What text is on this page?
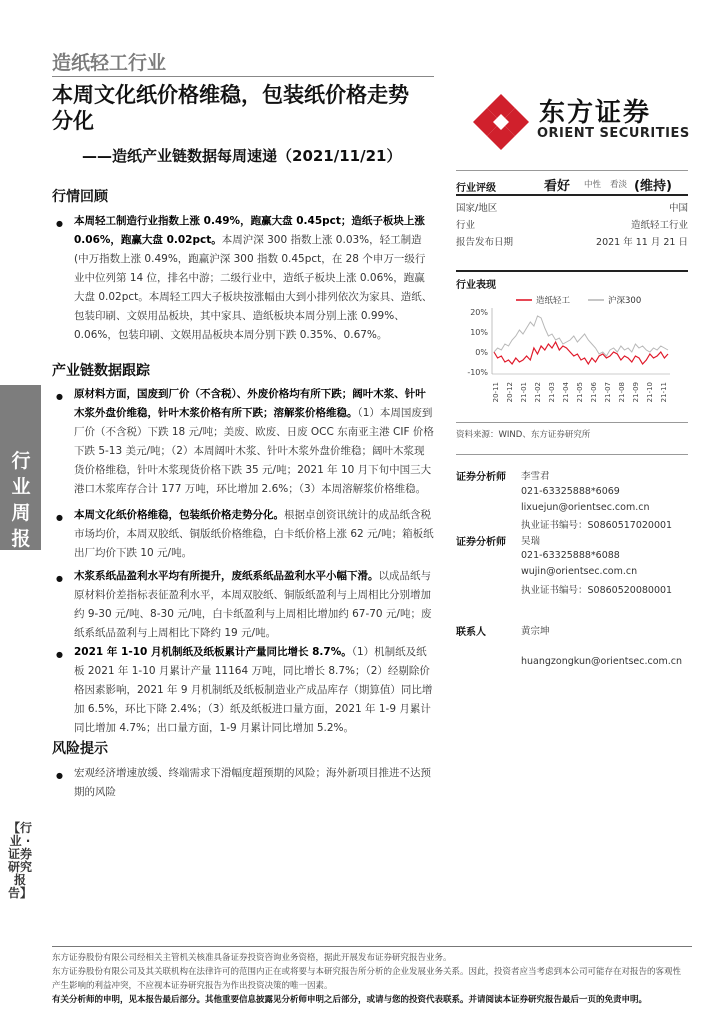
造纸轻工行业
本周文化纸价格维稳，包装纸价格走势
分化
——造纸产业链数据每周速递（2021/11/21）
东方证券
ORIENT SECURITIES
行情回顾
● 本周轻工制造行业指数上涨 0.49%，跑赢大盘 0.45pct；造纸子板块上涨 0.06%，跑赢大盘 0.02pct。本周沪深 300 指数上涨 0.03%，轻工制造(中万指数上涨 0.49%，跑赢沪深 300 指数 0.45pct，在 28 个申万一级行业中位列第 14 位，排名中游；二级行业中，造纸子板块上涨 0.06%，跑赢大盘 0.02pct。本周轻工四大子板块按涨幅由大到小排列依次为家具、造纸、包装印刷、文娱用品板块，其中家具、造纸板块本周分别上涨 0.99%、0.06%，包装印刷、文娱用品板块本周分别下跌 0.35%、0.67%。
产业链数据跟踪
● 原材料方面，国废到厂价（不含税）、外废价格均有所下跌；阔叶木浆、针叶木浆外盘价维稳，针叶木浆价格有所下跌；溶解浆价格维稳。（1）本周国废到厂价（不含税）下跌 18 元/吨；美废、欧废、日废 OCC 东南亚主港 CIF 价格下跌 5-13 美元/吨；（2）本周阔叶木浆、针叶木浆外盘价维稳；阔叶木浆现货价格维稳，针叶木浆现货价格下跌 35 元/吨；2021 年 10 月下旬中国三大港口木浆库存合计 177 万吨，环比增加 2.6%；（3）本周溶解浆价格维稳。
● 本周文化纸价格维稳，包装纸价格走势分化。根据卓创资讯统计的成品纸含税市场均价，本周双胶纸、铜版纸价格维稳，白卡纸价格上涨 62 元/吨；箱板纸出厂均价下跌 10 元/吨。
● 木浆系纸品盈利水平均有所提升，废纸系纸品盈利水平小幅下滑。以成品纸与原材料价差指标表征盈利水平，本周双胶纸、铜版纸盈利与上周相比分别增加约 9-30 元/吨、8-30 元/吨，白卡纸盈利与上周相比增加约 67-70 元/吨；废纸系纸品盈利与上周相比下降约 19 元/吨。
● 2021 年 1-10 月机制纸及纸板累计产量同比增长 8.7%。（1）机制纸及纸板 2021 年 1-10 月累计产量 11164 万吨，同比增长 8.7%；（2）经剔除价格因素影响，2021 年 9 月机制纸及纸板制造业产成品库存（期算值）同比增加 6.5%，环比下降 2.4%；（3）纸及纸板进口量方面，2021 年 1-9 月累计同比增加 4.7%；出口量方面，1-9 月累计同比增加 5.2%。
风险提示
● 宏观经济增速放缓、终端需求下滑幅度超预期的风险；海外新项目推进不达预期的风险
行业周报
【行业 · 证券研究报告】
行业评级	看好 中性 看淡 (维持)
国家/地区	中国
行业	造纸轻工行业
报告发布日期	2021 年 11 月 21 日
行业表现
20%
10%
0%
-10%
20-11 20-12 21-01 21-02 21-03 21-04 21-05 21-06 21-07 21-08 21-09 21-10 21-11
造纸轻工	沪深300
资料来源：WIND、东方证券研究所
证券分析师 李雪君
021-63325888*6069
lixuejun@orientsec.com.cn
执业证书编号：S0860517020001
证券分析师 吴瑞
021-63325888*6088
wujin@orientsec.com.cn
执业证书编号：S0860520080001
联系人	黄宗坤
huangzongkun@orientsec.com.cn
东方证券股份有限公司经相关主管机关核准具备证券投资咨询业务资格，据此开展发布证券研究报告业务。
东方证券股份有限公司及其关联机构在法律许可的范围内正在或将要与本研究报告所分析的企业发展业务关系。因此，投资者应当考虑到本公司可能存在对报告的客观性
产生影响的利益冲突，不应视本证券研究报告为作出投资决策的唯一因素。
有关分析师的申明，见本报告最后部分。其他重要信息披露见分析师申明之后部分，或请与您的投资代表联系。并请阅读本证券研究报告最后一页的免责申明。
